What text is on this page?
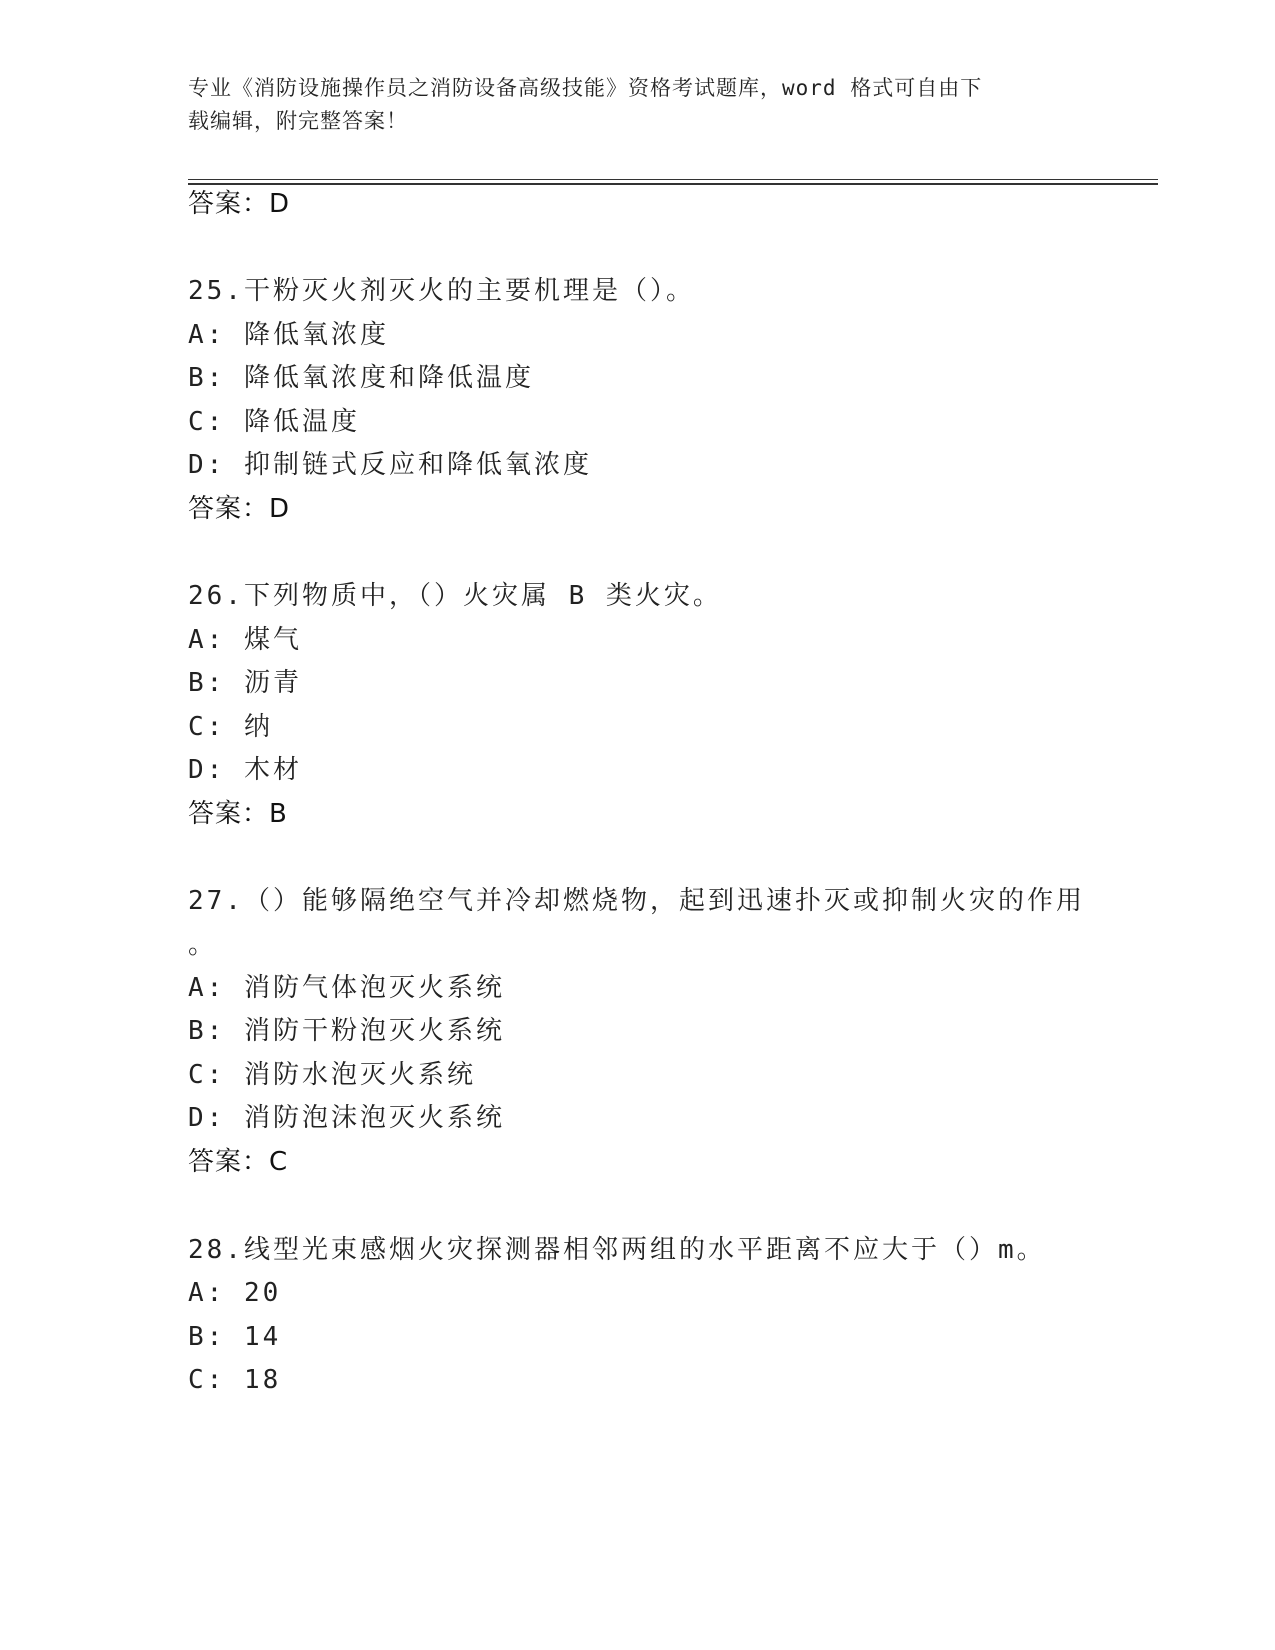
专业《消防设施操作员之消防设备高级技能》资格考试题库，word 格式可自由下
载编辑，附完整答案！
答案：D
25.干粉灭火剂灭火的主要机理是（）。
A: 降低氧浓度
B: 降低氧浓度和降低温度
C: 降低温度
D: 抑制链式反应和降低氧浓度
答案：D
26.下列物质中，（）火灾属 B 类火灾。
A: 煤气
B: 沥青
C: 纳
D: 木材
答案：B
27.（）能够隔绝空气并冷却燃烧物，起到迅速扑灭或抑制火灾的作用
。
A: 消防气体泡灭火系统
B: 消防干粉泡灭火系统
C: 消防水泡灭火系统
D: 消防泡沫泡灭火系统
答案：C
28.线型光束感烟火灾探测器相邻两组的水平距离不应大于（）m。
A: 20
B: 14
C: 18
